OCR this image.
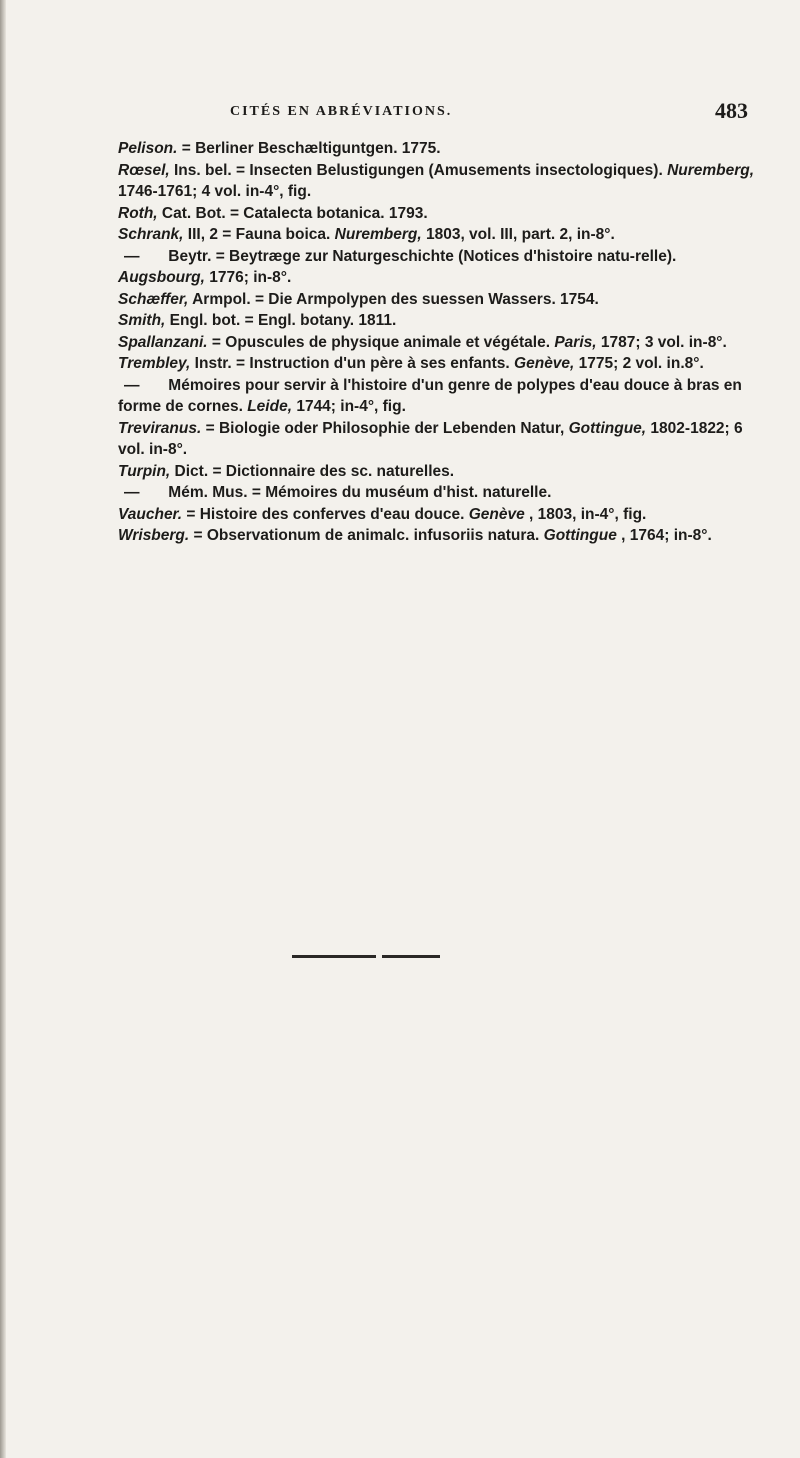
CITÉS EN ABRÉVIATIONS.	483

Pelison. = Berliner Beschæltiguntgen. 1775.

Rœsel, Ins. bel. = Insecten Belustigungen (Amusements insectologiques). Nuremberg, 1746-1761; 4 vol. in-4°, fig.

Roth, Cat. Bot. = Catalecta botanica. 1793.

Schrank, III, 2 = Fauna boica. Nuremberg, 1803, vol. III, part. 2, in-8°.

— Beytr. = Beytræge zur Naturgeschichte (Notices d'histoire natu-relle). Augsbourg, 1776; in-8°.

Schæffer, Armpol. = Die Armpolypen des suessen Wassers. 1754.

Smith, Engl. bot. = Engl. botany. 1811.

Spallanzani. = Opuscules de physique animale et végétale. Paris, 1787; 3 vol. in-8°.

Trembley, Instr. = Instruction d'un père à ses enfants. Genève, 1775; 2 vol. in.8°.

— Mémoires pour servir à l'histoire d'un genre de polypes d'eau douce à bras en forme de cornes. Leide, 1744; in-4°, fig.

Treviranus. = Biologie oder Philosophie der Lebenden Natur, Gottingue, 1802-1822; 6 vol. in-8°.

Turpin, Dict. = Dictionnaire des sc. naturelles.

— Mém. Mus. = Mémoires du muséum d'hist. naturelle.

Vaucher. = Histoire des conferves d'eau douce. Genève , 1803, in-4°, fig.

Wrisberg. = Observationum de animalc. infusoriis natura. Gottingue , 1764; in-8°.
